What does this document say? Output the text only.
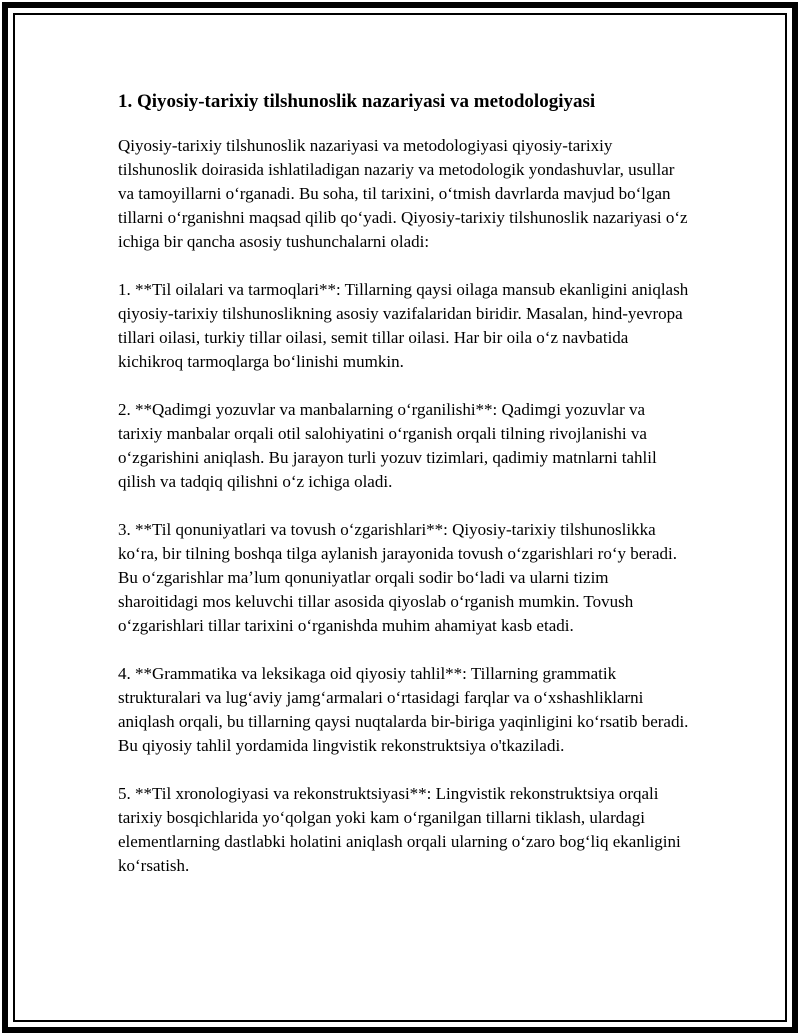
1. Qiyosiy-tarixiy tilshunoslik nazariyasi va metodologiyasi

Qiyosiy-tarixiy tilshunoslik nazariyasi va metodologiyasi qiyosiy-tarixiy tilshunoslik doirasida ishlatiladigan nazariy va metodologik yondashuvlar, usullar va tamoyillarni oʻrganadi. Bu soha, til tarixini, oʻtmish davrlarda mavjud boʻlgan tillarni oʻrganishni maqsad qilib qoʻyadi. Qiyosiy-tarixiy tilshunoslik nazariyasi oʻz ichiga bir qancha asosiy tushunchalarni oladi:

1. **Til oilalari va tarmoqlari**: Tillarning qaysi oilaga mansub ekanligini aniqlash qiyosiy-tarixiy tilshunoslikning asosiy vazifalaridan biridir. Masalan, hind-yevropa tillari oilasi, turkiy tillar oilasi, semit tillar oilasi. Har bir oila oʻz navbatida kichikroq tarmoqlarga boʻlinishi mumkin.

2. **Qadimgi yozuvlar va manbalarning oʻrganilishi**: Qadimgi yozuvlar va tarixiy manbalar orqali otil salohiyatini oʻrganish orqali tilning rivojlanishi va oʻzgarishini aniqlash. Bu jarayon turli yozuv tizimlari, qadimiy matnlarni tahlil qilish va tadqiq qilishni oʻz ichiga oladi.

3. **Til qonuniyatlari va tovush oʻzgarishlari**: Qiyosiy-tarixiy tilshunoslikka koʻra, bir tilning boshqa tilga aylanish jarayonida tovush oʻzgarishlari roʻy beradi. Bu oʻzgarishlar maʼlum qonuniyatlar orqali sodir boʻladi va ularni tizim sharoitidagi mos keluvchi tillar asosida qiyoslab oʻrganish mumkin. Tovush oʻzgarishlari tillar tarixini oʻrganishda muhim ahamiyat kasb etadi.

4. **Grammatika va leksikaga oid qiyosiy tahlil**: Tillarning grammatik strukturalari va lugʻaviy jamgʻarmalari oʻrtasidagi farqlar va oʻxshashliklarni aniqlash orqali, bu tillarning qaysi nuqtalarda bir-biriga yaqinligini koʻrsatib beradi. Bu qiyosiy tahlil yordamida lingvistik rekonstruktsiya o'tkaziladi.

5. **Til xronologiyasi va rekonstruktsiyasi**: Lingvistik rekonstruktsiya orqali tarixiy bosqichlarida yoʻqolgan yoki kam oʻrganilgan tillarni tiklash, ulardagi elementlarning dastlabki holatini aniqlash orqali ularning oʻzaro bogʻliq ekanligini koʻrsatish.
